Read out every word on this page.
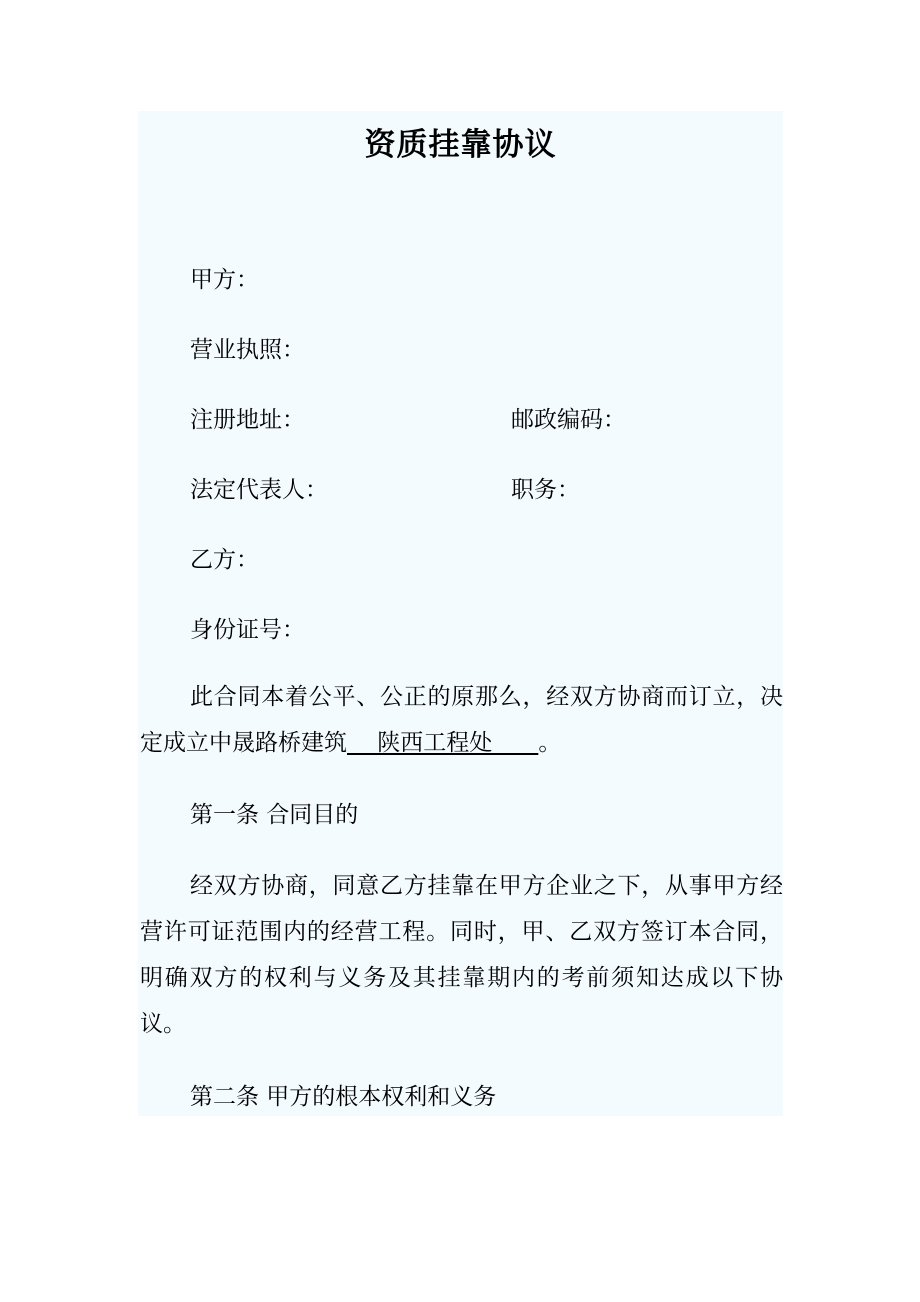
资质挂靠协议
甲方：
营业执照：
注册地址：	邮政编码：
法定代表人：	职务：
乙方：
身份证号：
此合同本着公平、公正的原那么，经双方协商而订立，决定成立中晟路桥建筑　 陕西工程处　　。
第一条 合同目的
经双方协商，同意乙方挂靠在甲方企业之下，从事甲方经营许可证范围内的经营工程。同时，甲、乙双方签订本合同，明确双方的权利与义务及其挂靠期内的考前须知达成以下协议。
第二条 甲方的根本权利和义务
